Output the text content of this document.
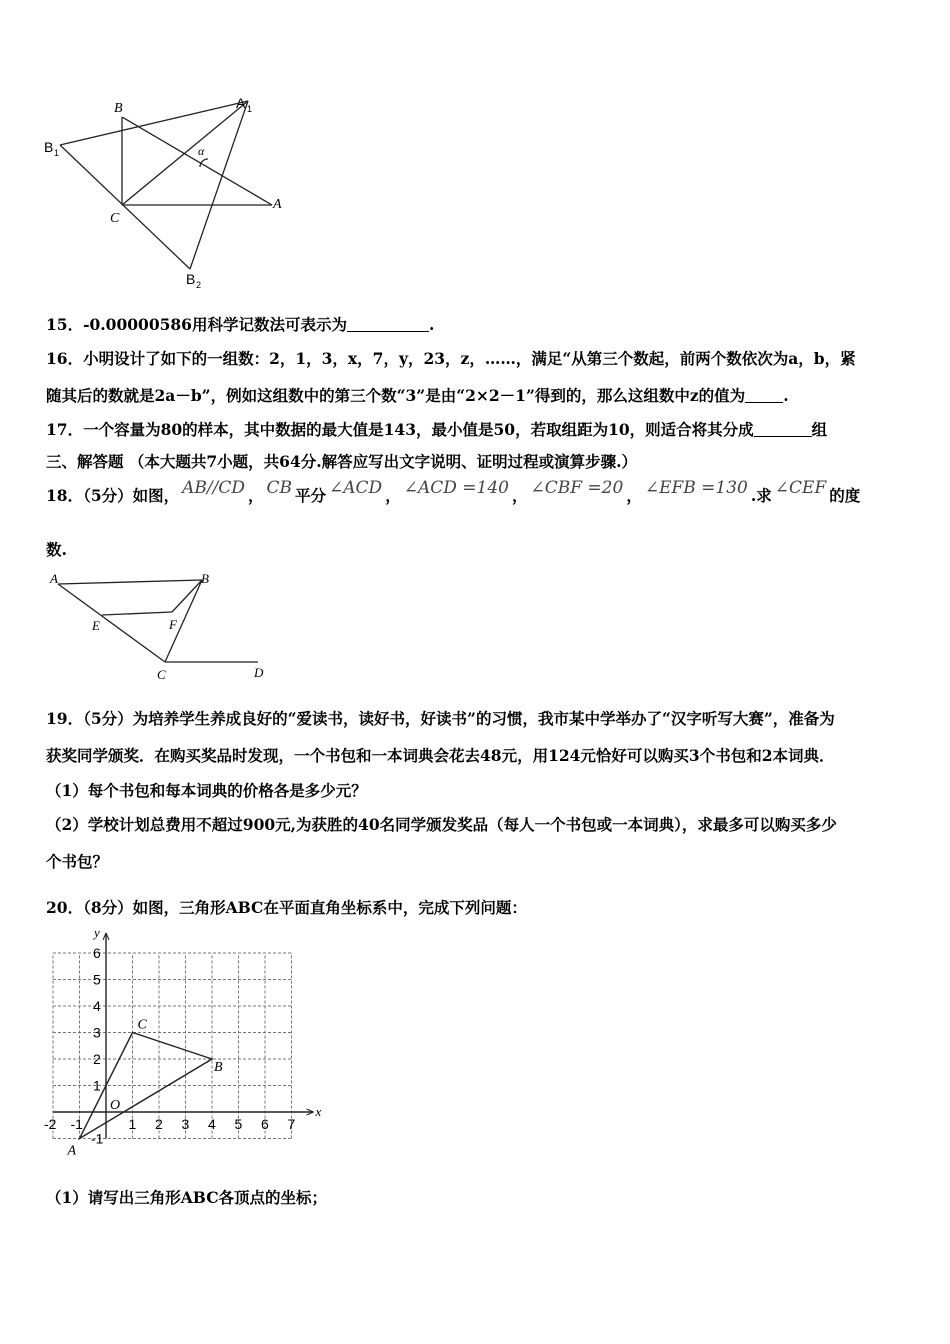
B	A 1
B 1	α
C
A
B 2
15．-0.00000586用科学记数法可表示为	.
16．小明设计了如下的一组数：2，1，3，x，7，y，23，z，……，满足“从第三个数起，前两个数依次为a，b，紧
随其后的数就是2a－b”，例如这组数中的第三个数“3”是由“2×2－1”得到的，那么这组数中z的值为 .
17．一个容量为80的样本，其中数据的最大值是143，最小值是50，若取组距为10，则适合将其分成	组
三、解答题 （本大题共7小题，共64分.解答应写出文字说明、证明过程或演算步骤.）
18．（5分）如图， AB//CD ， CB 平分 ∠ACD ， ∠ACD =140 ， ∠CBF =20 ， ∠EFB =130 .求 ∠CEF 的度
数.
A	B
E	F
C	D
19．（5分）为培养学生养成良好的“爱读书，读好书，好读书”的习惯，我市某中学举办了“汉字听写大赛”，准备为
获奖同学颁奖．在购买奖品时发现，一个书包和一本词典会花去48元，用124元恰好可以购买3个书包和2本词典．
（1）每个书包和每本词典的价格各是多少元？
（2）学校计划总费用不超过900元,为获胜的40名同学颁发奖品（每人一个书包或一本词典），求最多可以购买多少
个书包？
20．（8分）如图，三角形ABC在平面直角坐标系中，完成下列问题：
x
y
O
-2 -1	1 2 3 4 5 6 7
-1
1
2
3
4
5
6
A
B
C
（1）请写出三角形ABC各顶点的坐标；
